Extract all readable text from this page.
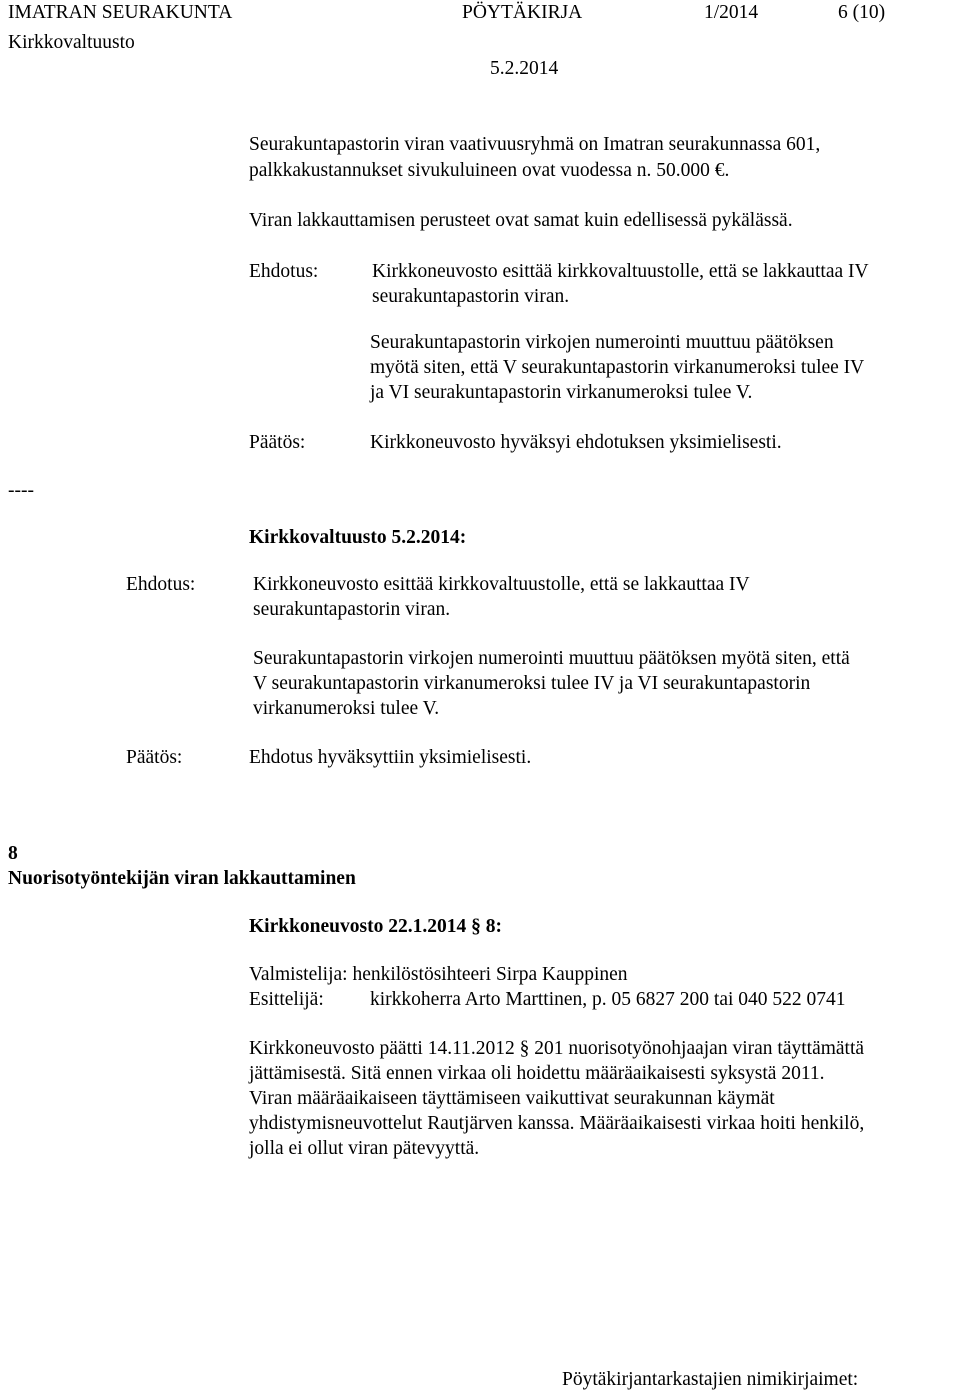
IMATRAN SEURAKUNTA	PÖYTÄKIRJA	1/2014	6 (10)
Kirkkovaltuusto
5.2.2014
Seurakuntapastorin viran vaativuusryhmä on Imatran seurakunnassa 601,
palkkakustannukset sivukuluineen ovat vuodessa n. 50.000 €.
Viran lakkauttamisen perusteet ovat samat kuin edellisessä pykälässä.
Ehdotus:	Kirkkoneuvosto esittää kirkkovaltuustolle, että se lakkauttaa IV
seurakuntapastorin viran.
Seurakuntapastorin virkojen numerointi muuttuu päätöksen
myötä siten, että V seurakuntapastorin virkanumeroksi tulee IV
ja VI seurakuntapastorin virkanumeroksi tulee V.
Päätös:	Kirkkoneuvosto hyväksyi ehdotuksen yksimielisesti.
----
Kirkkovaltuusto 5.2.2014:
Ehdotus:	Kirkkoneuvosto esittää kirkkovaltuustolle, että se lakkauttaa IV
seurakuntapastorin viran.
Seurakuntapastorin virkojen numerointi muuttuu päätöksen myötä siten, että
V seurakuntapastorin virkanumeroksi tulee IV ja VI seurakuntapastorin
virkanumeroksi tulee V.
Päätös:	Ehdotus hyväksyttiin yksimielisesti.
8
Nuorisotyöntekijän viran lakkauttaminen
Kirkkoneuvosto 22.1.2014 § 8:
Valmistelija: henkilöstösihteeri Sirpa Kauppinen
Esittelijä: kirkkoherra Arto Marttinen, p. 05 6827 200 tai 040 522 0741
Kirkkoneuvosto päätti 14.11.2012 § 201 nuorisotyönohjaajan viran täyttämättä
jättämisestä. Sitä ennen virkaa oli hoidettu määräaikaisesti syksystä 2011.
Viran määräaikaiseen täyttämiseen vaikuttivat seurakunnan käymät
yhdistymisneuvottelut Rautjärven kanssa. Määräaikaisesti virkaa hoiti henkilö,
jolla ei ollut viran pätevyyttä.
Pöytäkirjantarkastajien nimikirjaimet:
